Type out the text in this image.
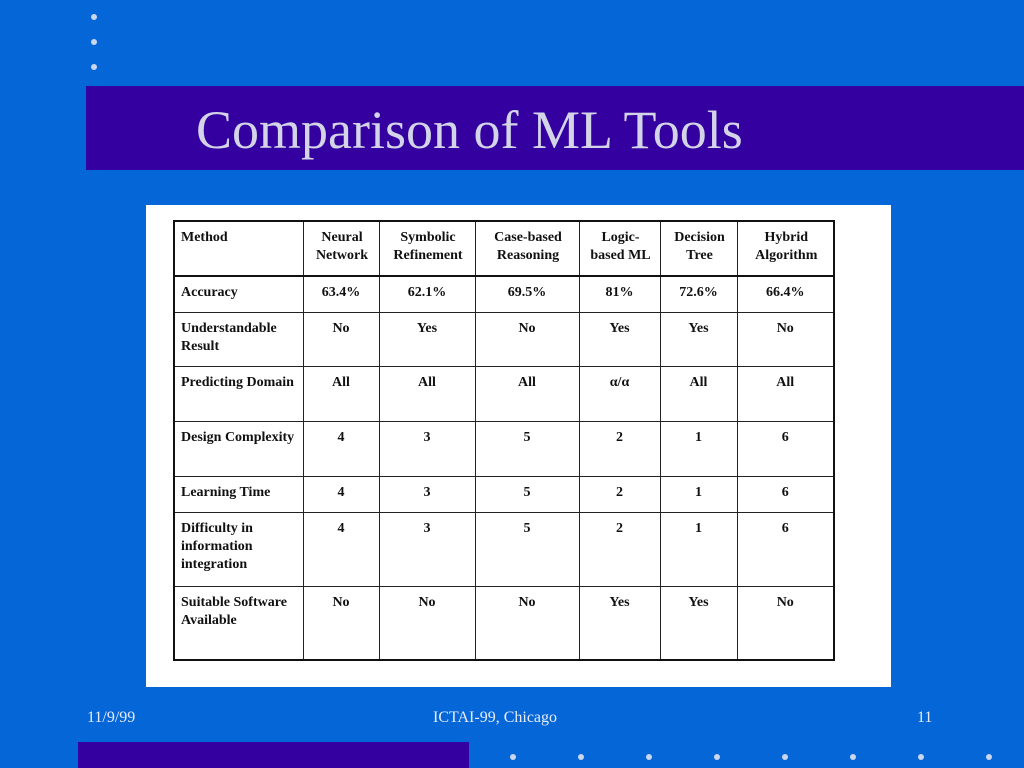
Comparison of ML Tools
Method	Neural Network	Symbolic Refinement	Case-based Reasoning	Logic-based ML	Decision Tree	Hybrid Algorithm
Accuracy	63.4%	62.1%	69.5%	81%	72.6%	66.4%
Understandable Result	No	Yes	No	Yes	Yes	No
Predicting Domain	All	All	All	α/α	All	All
Design Complexity	4	3	5	2	1	6
Learning Time	4	3	5	2	1	6
Difficulty in information integration	4	3	5	2	1	6
Suitable Software Available	No	No	No	Yes	Yes	No
11/9/99	ICTAI-99, Chicago	11
